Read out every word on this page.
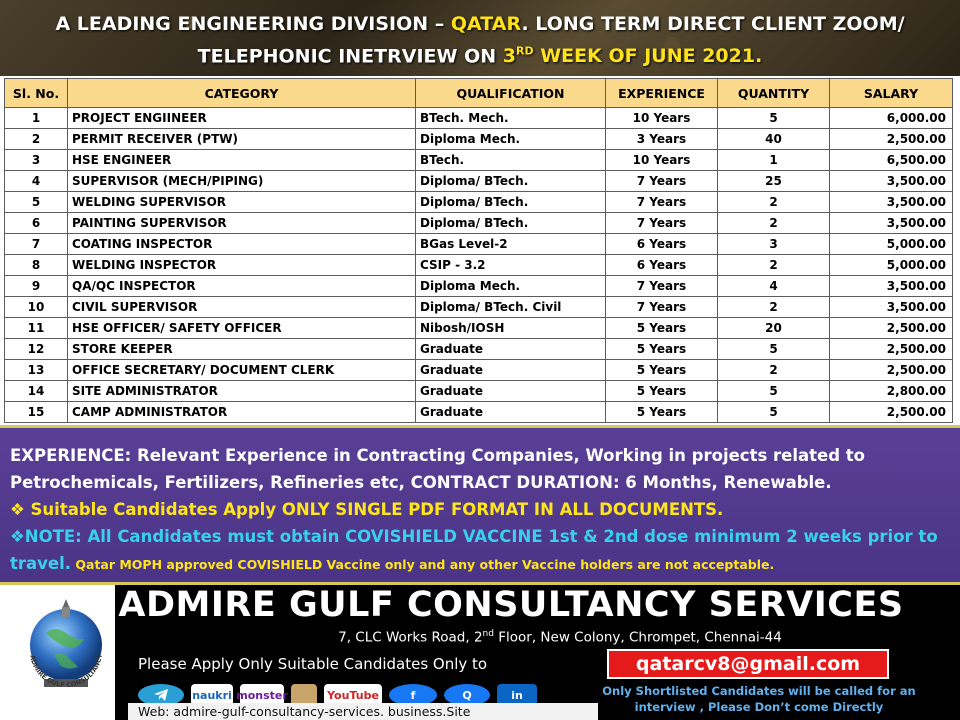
A LEADING ENGINEERING DIVISION – QATAR. LONG TERM DIRECT CLIENT ZOOM/
TELEPHONIC INETRVIEW ON 3RD WEEK OF JUNE 2021.
Sl. No.	CATEGORY	QUALIFICATION	EXPERIENCE	QUANTITY	SALARY
1	PROJECT ENGIINEER	BTech. Mech.	10 Years	5	6,000.00
2	PERMIT RECEIVER (PTW)	Diploma Mech.	3 Years	40	2,500.00
3	HSE ENGINEER	BTech.	10 Years	1	6,500.00
4	SUPERVISOR (MECH/PIPING)	Diploma/ BTech.	7 Years	25	3,500.00
5	WELDING SUPERVISOR	Diploma/ BTech.	7 Years	2	3,500.00
6	PAINTING SUPERVISOR	Diploma/ BTech.	7 Years	2	3,500.00
7	COATING INSPECTOR	BGas Level-2	6 Years	3	5,000.00
8	WELDING INSPECTOR	CSIP - 3.2	6 Years	2	5,000.00
9	QA/QC INSPECTOR	Diploma Mech.	7 Years	4	3,500.00
10	CIVIL SUPERVISOR	Diploma/ BTech. Civil	7 Years	2	3,500.00
11	HSE OFFICER/ SAFETY OFFICER	Nibosh/IOSH	5 Years	20	2,500.00
12	STORE KEEPER	Graduate	5 Years	5	2,500.00
13	OFFICE SECRETARY/ DOCUMENT CLERK	Graduate	5 Years	2	2,500.00
14	SITE ADMINISTRATOR	Graduate	5 Years	5	2,800.00
15	CAMP ADMINISTRATOR	Graduate	5 Years	5	2,500.00
EXPERIENCE: Relevant Experience in Contracting Companies, Working in projects related to Petrochemicals, Fertilizers, Refineries etc, CONTRACT DURATION: 6 Months, Renewable.
❖ Suitable Candidates Apply ONLY SINGLE PDF FORMAT IN ALL DOCUMENTS.
❖NOTE: All Candidates must obtain COVISHIELD VACCINE 1st & 2nd dose minimum 2 weeks prior to travel. Qatar MOPH approved COVISHIELD Vaccine only and any other Vaccine holders are not acceptable.
ADMIRE GULF CONSULTANCY
ADMIRE GULF CONSULTANCY SERVICES
7, CLC Works Road, 2nd Floor, New Colony, Chrompet, Chennai-44
Please Apply Only Suitable Candidates Only to	qatarcv8@gmail.com
Only Shortlisted Candidates will be called for an interview , Please Don’t come Directly
naukri monster	YouTube	f	Q	in
Web: admire-gulf-consultancy-services. business.Site
